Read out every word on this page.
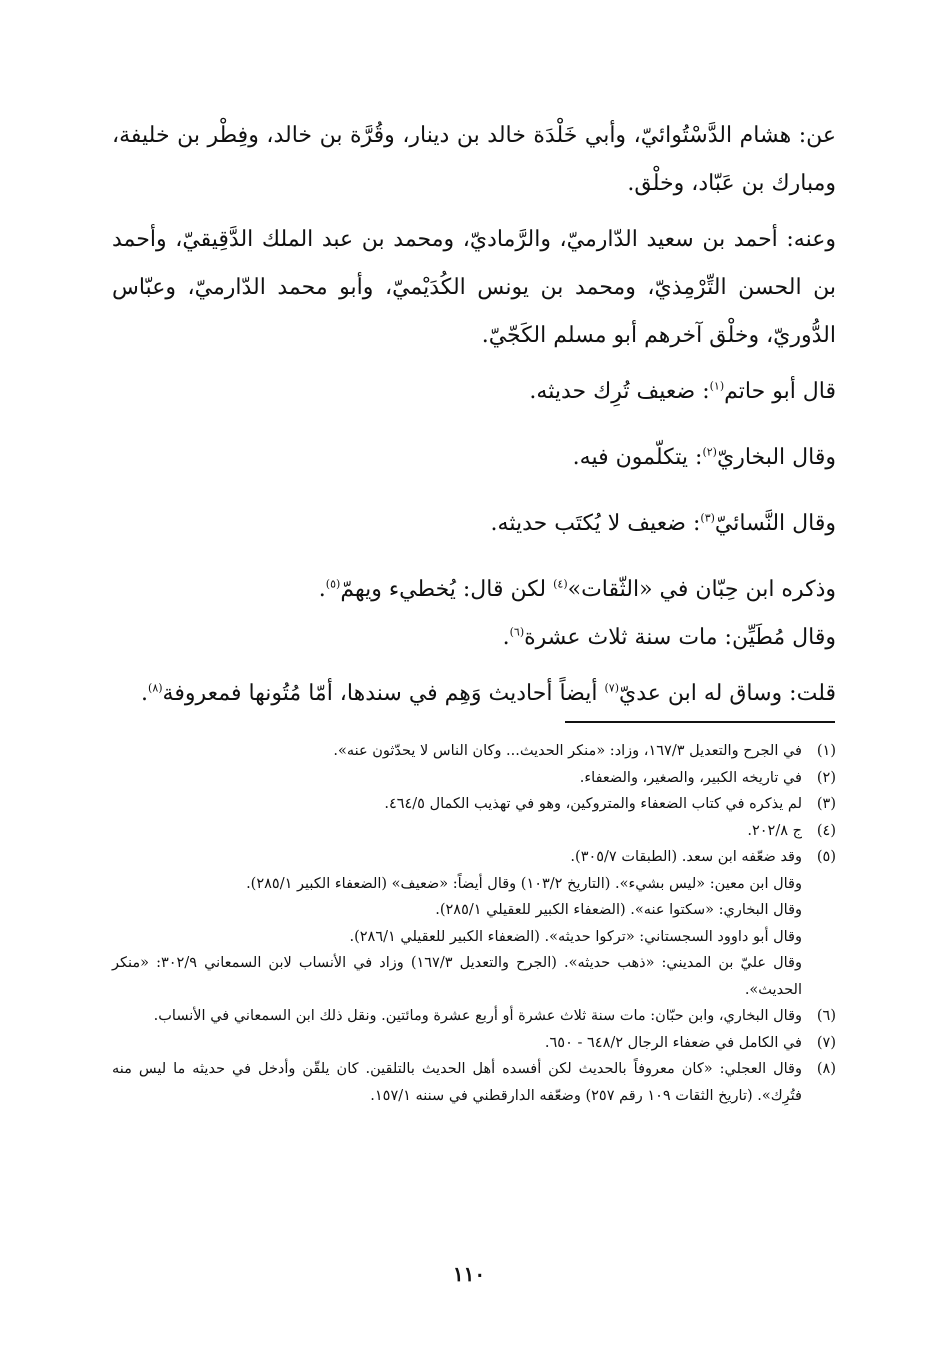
عن: هشام الدَّسْتُوائيّ، وأبي خَلْدَة خالد بن دينار، وقُرَّة بن خالد، وفِطْر بن خليفة، ومبارك بن عَبّاد، وخلْق.

وعنه: أحمد بن سعيد الدّارميّ، والرَّماديّ، ومحمد بن عبد الملك الدَّقِيقيّ، وأحمد بن الحسن التِّرْمِذيّ، ومحمد بن يونس الكُدَيْميّ، وأبو محمد الدّارميّ، وعبّاس الدُّوريّ، وخلْق آخرهم أبو مسلم الكَجّيّ.

قال أبو حاتم$^{(١)}$: ضعيف تُرِك حديثه.

وقال البخاريّ$^{(٢)}$: يتكلّمون فيه.

وقال النَّسائيّ$^{(٣)}$: ضعيف لا يُكتَب حديثه.

وذكره ابن حِبّان في «الثّقات»$^{(٤)}$ لكن قال: يُخطيء ويهمّ$^{(٥)}$.

وقال مُطَيِّن: مات سنة ثلاث عشرة$^{(٦)}$.

قلت: وساق له ابن عديّ$^{(٧)}$ أيضاً أحاديث وَهِم في سندها، أمّا مُتُونها فمعروفة$^{(٨)}$.

(١)
في الجرح والتعديل ١٦٧/٣، وزاد: «منكر الحديث... وكان الناس لا يحدّثون عنه».
(٢)
في تاريخه الكبير، والصغير، والضعفاء.
(٣)
لم يذكره في كتاب الضعفاء والمتروكين، وهو في تهذيب الكمال ٤٦٤/٥.
(٤)
ج ٢٠٢/٨.
(٥)
وقد ضعّفه ابن سعد. (الطبقات ٣٠٥/٧).
وقال ابن معين: «ليس بشيء». (التاريخ ١٠٣/٢) وقال أيضاً: «ضعيف» (الضعفاء الكبير ٢٨٥/١).
وقال البخاري: «سكتوا عنه». (الضعفاء الكبير للعقيلي ٢٨٥/١).
وقال أبو داوود السجستاني: «تركوا حديثه». (الضعفاء الكبير للعقيلي ٢٨٦/١).
وقال عليّ بن المديني: «ذهب حديثه». (الجرح والتعديل ١٦٧/٣) وزاد في الأنساب لابن السمعاني ٣٠٢/٩: «منكر الحديث».
(٦)
وقال البخاري، وابن حبّان: مات سنة ثلاث عشرة أو أربع عشرة ومائتين. ونقل ذلك ابن السمعاني في الأنساب.
(٧)
في الكامل في ضعفاء الرجال ٦٤٨/٢ - ٦٥٠.
(٨)
وقال العجلي: «كان معروفاً بالحديث لكن أفسده أهل الحديث بالتلقين. كان يلقّن وأدخل في حديثه ما ليس منه فتُرِك». (تاريخ الثقات ١٠٩ رقم ٢٥٧) وضعّفه الدارقطني في سننه ١٥٧/١.
١١٠
